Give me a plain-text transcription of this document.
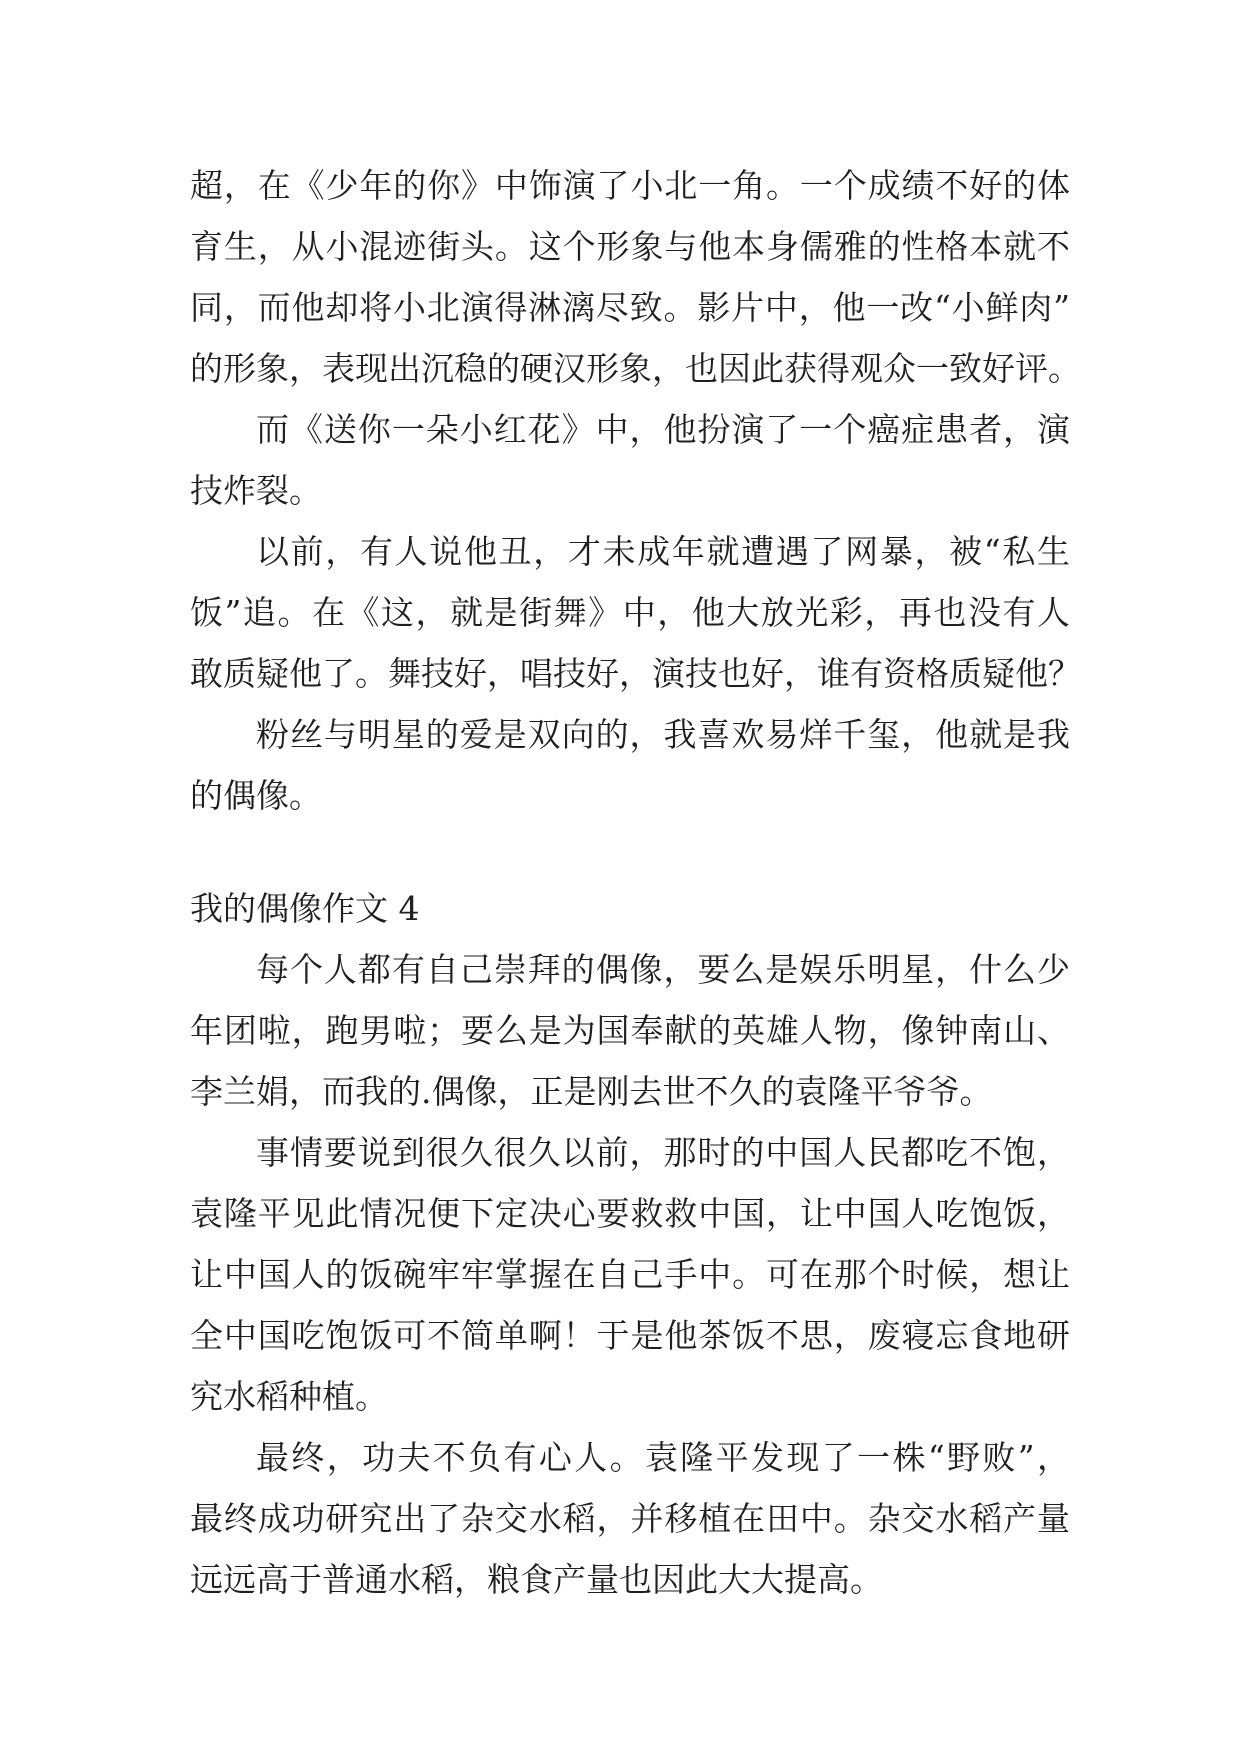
超，在《少年的你》中饰演了小北一角。一个成绩不好的体
育生，从小混迹街头。这个形象与他本身儒雅的性格本就不
同，而他却将小北演得淋漓尽致。影片中，他一改“小鲜肉”
的形象，表现出沉稳的硬汉形象，也因此获得观众一致好评。
而《送你一朵小红花》中，他扮演了一个癌症患者，演
技炸裂。
以前，有人说他丑，才未成年就遭遇了网暴，被“私生
饭”追。在《这，就是街舞》中，他大放光彩，再也没有人
敢质疑他了。舞技好，唱技好，演技也好，谁有资格质疑他？
粉丝与明星的爱是双向的，我喜欢易烊千玺，他就是我
的偶像。
我的偶像作文 4
每个人都有自己崇拜的偶像，要么是娱乐明星，什么少
年团啦，跑男啦；要么是为国奉献的英雄人物，像钟南山、
李兰娟，而我的.偶像，正是刚去世不久的袁隆平爷爷。
事情要说到很久很久以前，那时的中国人民都吃不饱，
袁隆平见此情况便下定决心要救救中国，让中国人吃饱饭，
让中国人的饭碗牢牢掌握在自己手中。可在那个时候，想让
全中国吃饱饭可不简单啊！于是他茶饭不思，废寝忘食地研
究水稻种植。
最终，功夫不负有心人。袁隆平发现了一株“野败”，
最终成功研究出了杂交水稻，并移植在田中。杂交水稻产量
远远高于普通水稻，粮食产量也因此大大提高。
